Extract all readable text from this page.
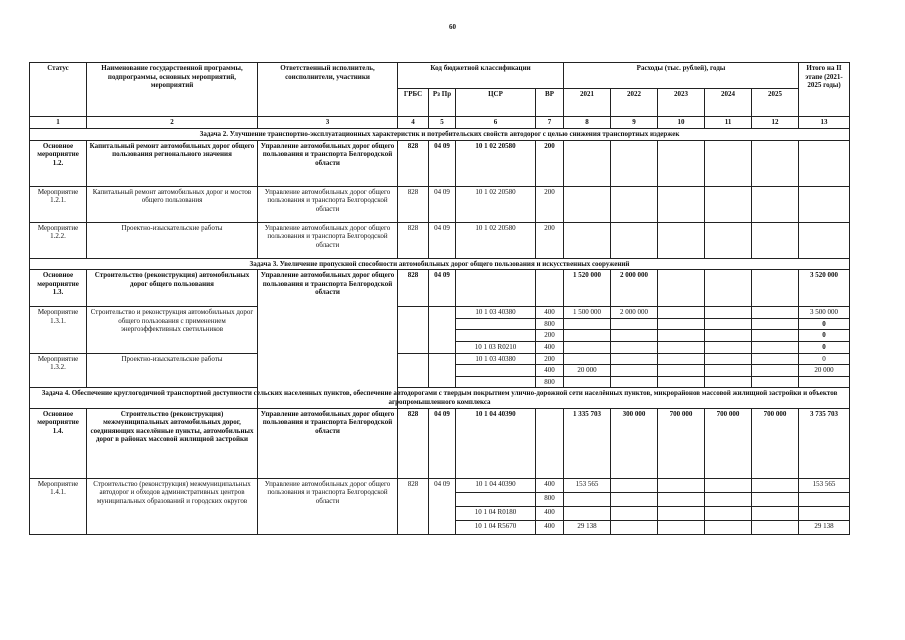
60
Статус	Наименование государственной программы, подпрограммы, основных мероприятий, мероприятий	Ответственный исполнитель, соисполнители, участники	Код бюджетной классификации				Расходы (тыс. рублей), годы					Итого на II этапе (2021-2025 годы)
			ГРБС	Рз Пр	ЦСР	ВР	2021	2022	2023	2024	2025	
1	2	3	4	5	6	7	8	9	10	11	12	13
Задача 2. Улучшение транспортно-эксплуатационных характеристик и потребительских свойств автодорог с целью снижения транспортных издержек												
Основное мероприятие 1.2.	Капитальный ремонт автомобильных дорог общего пользования регионального значения	Управление автомобильных дорог общего пользования и транспорта Белгородской области	828	04 09	10 1 02 20580	200						
Мероприятие 1.2.1.	Капитальный ремонт автомобильных дорог и мостов общего пользования	Управление автомобильных дорог общего пользования и транспорта Белгородской области	828	04 09	10 1 02 20580	200						
Мероприятие 1.2.2.	Проектно-изыскательские работы	Управление автомобильных дорог общего пользования и транспорта Белгородской области	828	04 09	10 1 02 20580	200						
Задача 3. Увеличение пропускной способности автомобильных дорог общего пользования и искусственных сооружений												
Основное мероприятие 1.3.	Строительство (реконструкция) автомобильных дорог общего пользования	Управление автомобильных дорог общего пользования и транспорта Белгородской области	828	04 09			1 520 000	2 000 000				3 520 000
Мероприятие 1.3.1.	Строительство и реконструкция автомобильных дорог общего пользования с применением энергоэффективных светильников				10 1 03 40380	400	1 500 000	2 000 000				3 500 000
						800						0
						200						0
					10 1 03 R0210	400						0
Мероприятие 1.3.2.	Проектно-изыскательские работы				10 1 03 40380	200						0
						400	20 000					20 000
						800						
Задача 4. Обеспечение круглогодичной транспортной доступности сельских населенных пунктов, обеспечение автодорогами с твердым покрытием улично-дорожной сети населённых пунктов, микрорайонов массовой жилищной застройки и объектов агропромышленного комплекса												
Основное мероприятие 1.4.	Строительство (реконструкция) межмуниципальных автомобильных дорог, соединяющих населённые пункты, автомобильных дорог в районах массовой жилищной застройки	Управление автомобильных дорог общего пользования и транспорта Белгородской области	828	04 09	10 1 04 40390		1 335 703	300 000	700 000	700 000	700 000	3 735 703
Мероприятие 1.4.1.	Строительство (реконструкция) межмуниципальных автодорог и обходов административных центров муниципальных образований и городских округов	Управление автомобильных дорог общего пользования и транспорта Белгородской области	828	04 09	10 1 04 40390	400	153 565					153 565
						800						
					10 1 04 R0180	400						
					10 1 04 R5670	400	29 138					29 138
